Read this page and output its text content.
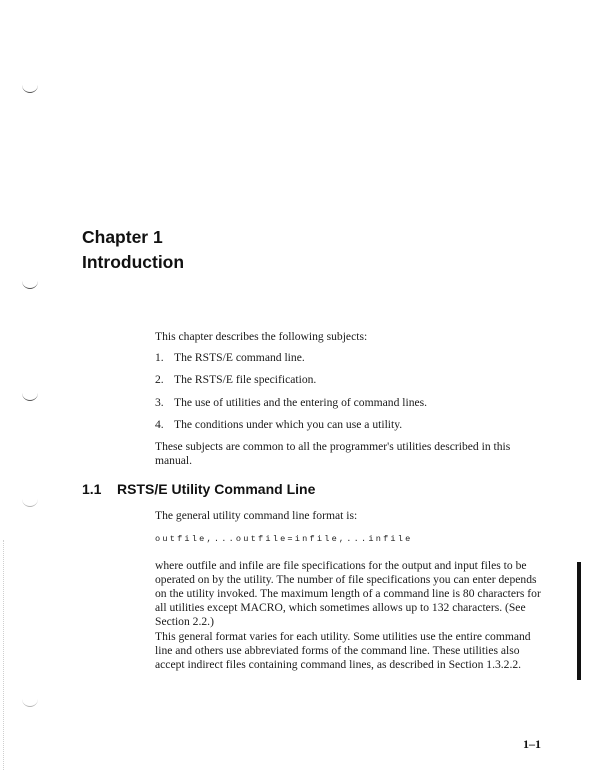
Chapter 1
Introduction
This chapter describes the following subjects:
1. The RSTS/E command line.
2. The RSTS/E file specification.
3. The use of utilities and the entering of command lines.
4. The conditions under which you can use a utility.
These subjects are common to all the programmer's utilities described in this manual.
1.1 RSTS/E Utility Command Line
The general utility command line format is:
outfile,...outfile=infile,...infile
where outfile and infile are file specifications for the output and input files to be operated on by the utility. The number of file specifications you can enter depends on the utility invoked. The maximum length of a command line is 80 characters for all utilities except MACRO, which sometimes allows up to 132 characters. (See Section 2.2.)
This general format varies for each utility. Some utilities use the entire command line and others use abbreviated forms of the command line. These utilities also accept indirect files containing command lines, as described in Section 1.3.2.2.
1–1
